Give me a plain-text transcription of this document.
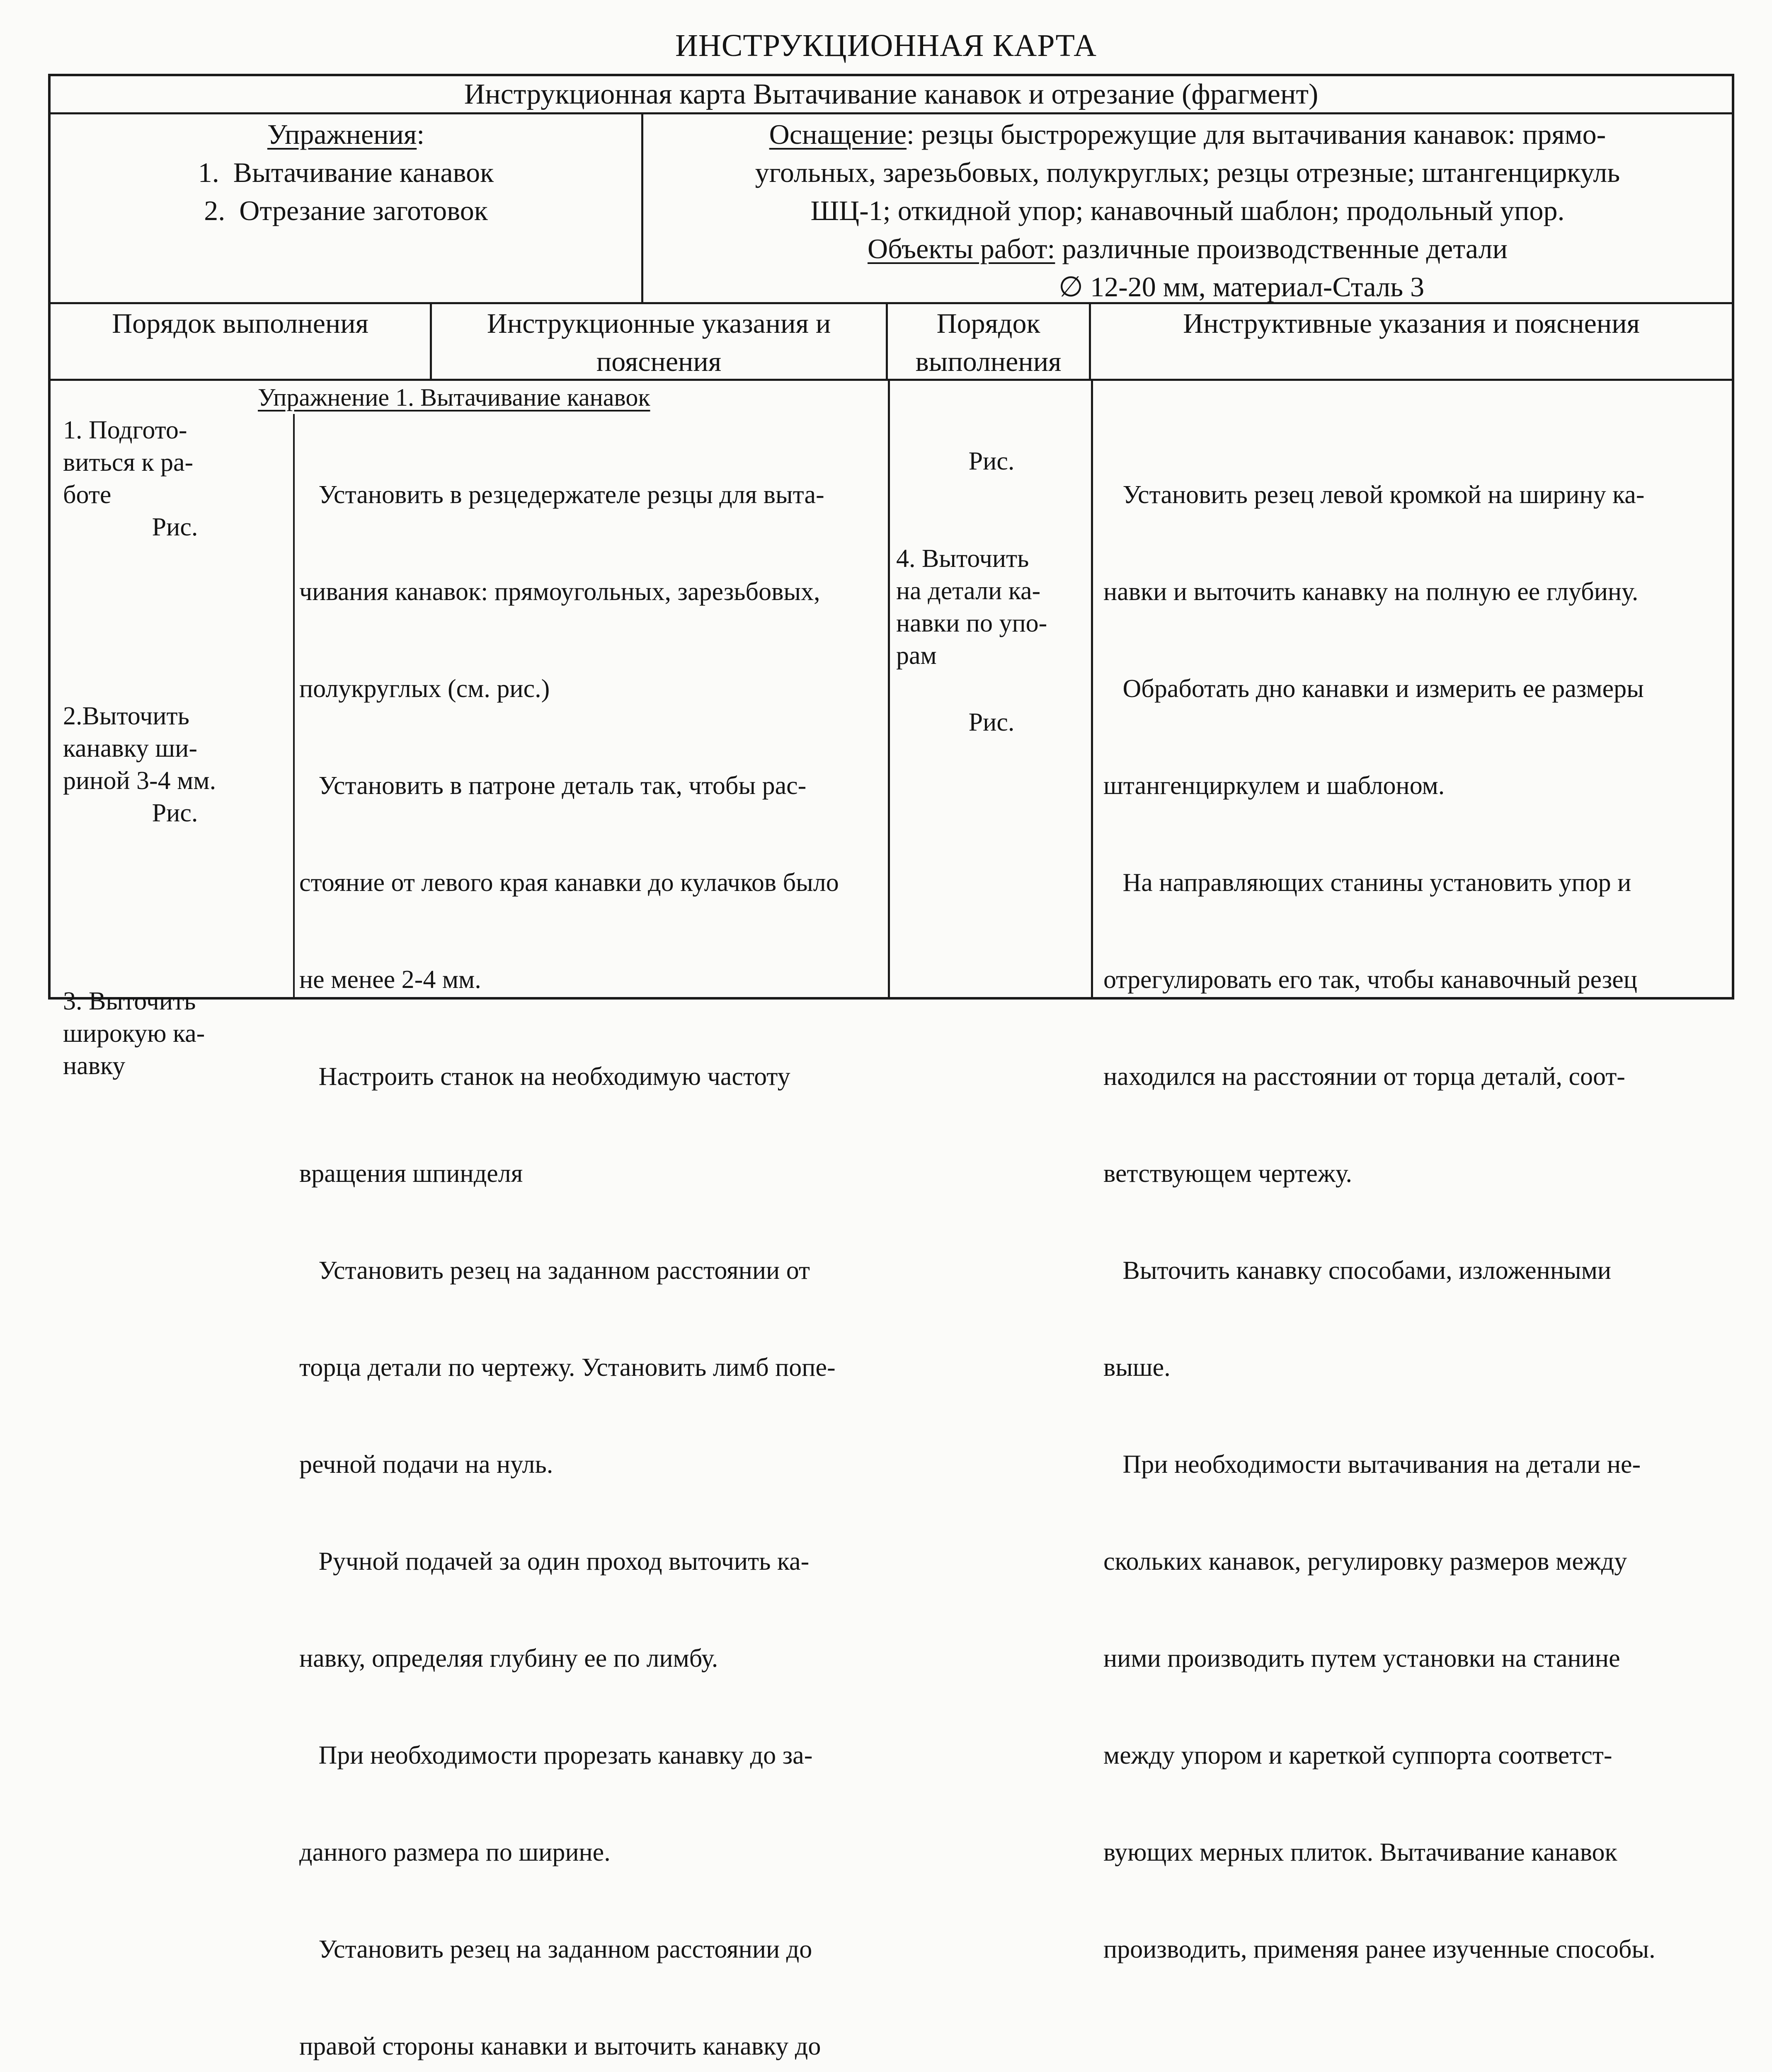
ИНСТРУКЦИОННАЯ КАРТА
Инструкционная карта Вытачивание канавок и отрезание (фрагмент)
Упражнения:
1.  Вытачивание канавок
2.  Отрезание заготовок
Оснащение: резцы быстрорежущие для вытачивания канавок: прямо-
угольных, зарезьбовых, полукруглых; резцы отрезные; штангенциркуль
ШЦ-1; откидной упор; канавочный шаблон; продольный упор.
Объекты работ: различные производственные детали
∅ 12-20 мм, материал-Сталь 3
Порядок выполнения	Инструкционные указания и
пояснения
Порядок
выполнения
Инструктивные указания и пояснения
Упражнение 1. Вытачивание канавок
1. Подгото-
виться к ра-
боте
Рис.
2.Выточить
канавку ши-
риной 3-4 мм.
Рис.
3. Выточить
широкую ка-
навку

Установить в резцедержателе резцы для выта-

чивания канавок: прямоугольных, зарезьбовых,

полукруглых (см. рис.)

Установить в патроне деталь так, чтобы рас-

стояние от левого края канавки до кулачков было

не менее 2-4 мм.

Настроить станок на необходимую частоту

вращения шпинделя

Установить резец на заданном расстоянии от

торца детали по чертежу. Установить лимб попе-

речной подачи на нуль.

Ручной подачей за один проход выточить ка-

навку, определяя глубину ее по лимбу.

При необходимости прорезать канавку до за-

данного размера по ширине.

Установить резец на заданном расстоянии до

правой стороны канавки и выточить канавку до

Рис.
4. Выточить
на детали ка-
навки по упо-
рам
Рис.

Установить резец левой кромкой на ширину ка-

навки и выточить канавку на полную ее глубину.

Обработать дно канавки и измерить ее размеры

штангенциркулем и шаблоном.

На направляющих станины установить упор и

отрегулировать его так, чтобы канавочный резец

находился на расстоянии от торца деталй, соот-

ветствующем чертежу.

Выточить канавку способами, изложенными

выше.

При необходимости вытачивания на детали не-

скольких канавок, регулировку размеров между

ними производить путем установки на станине

между упором и кареткой суппорта соответст-

вующих мерных плиток. Вытачивание канавок

производить, применяя ранее изученные способы.
